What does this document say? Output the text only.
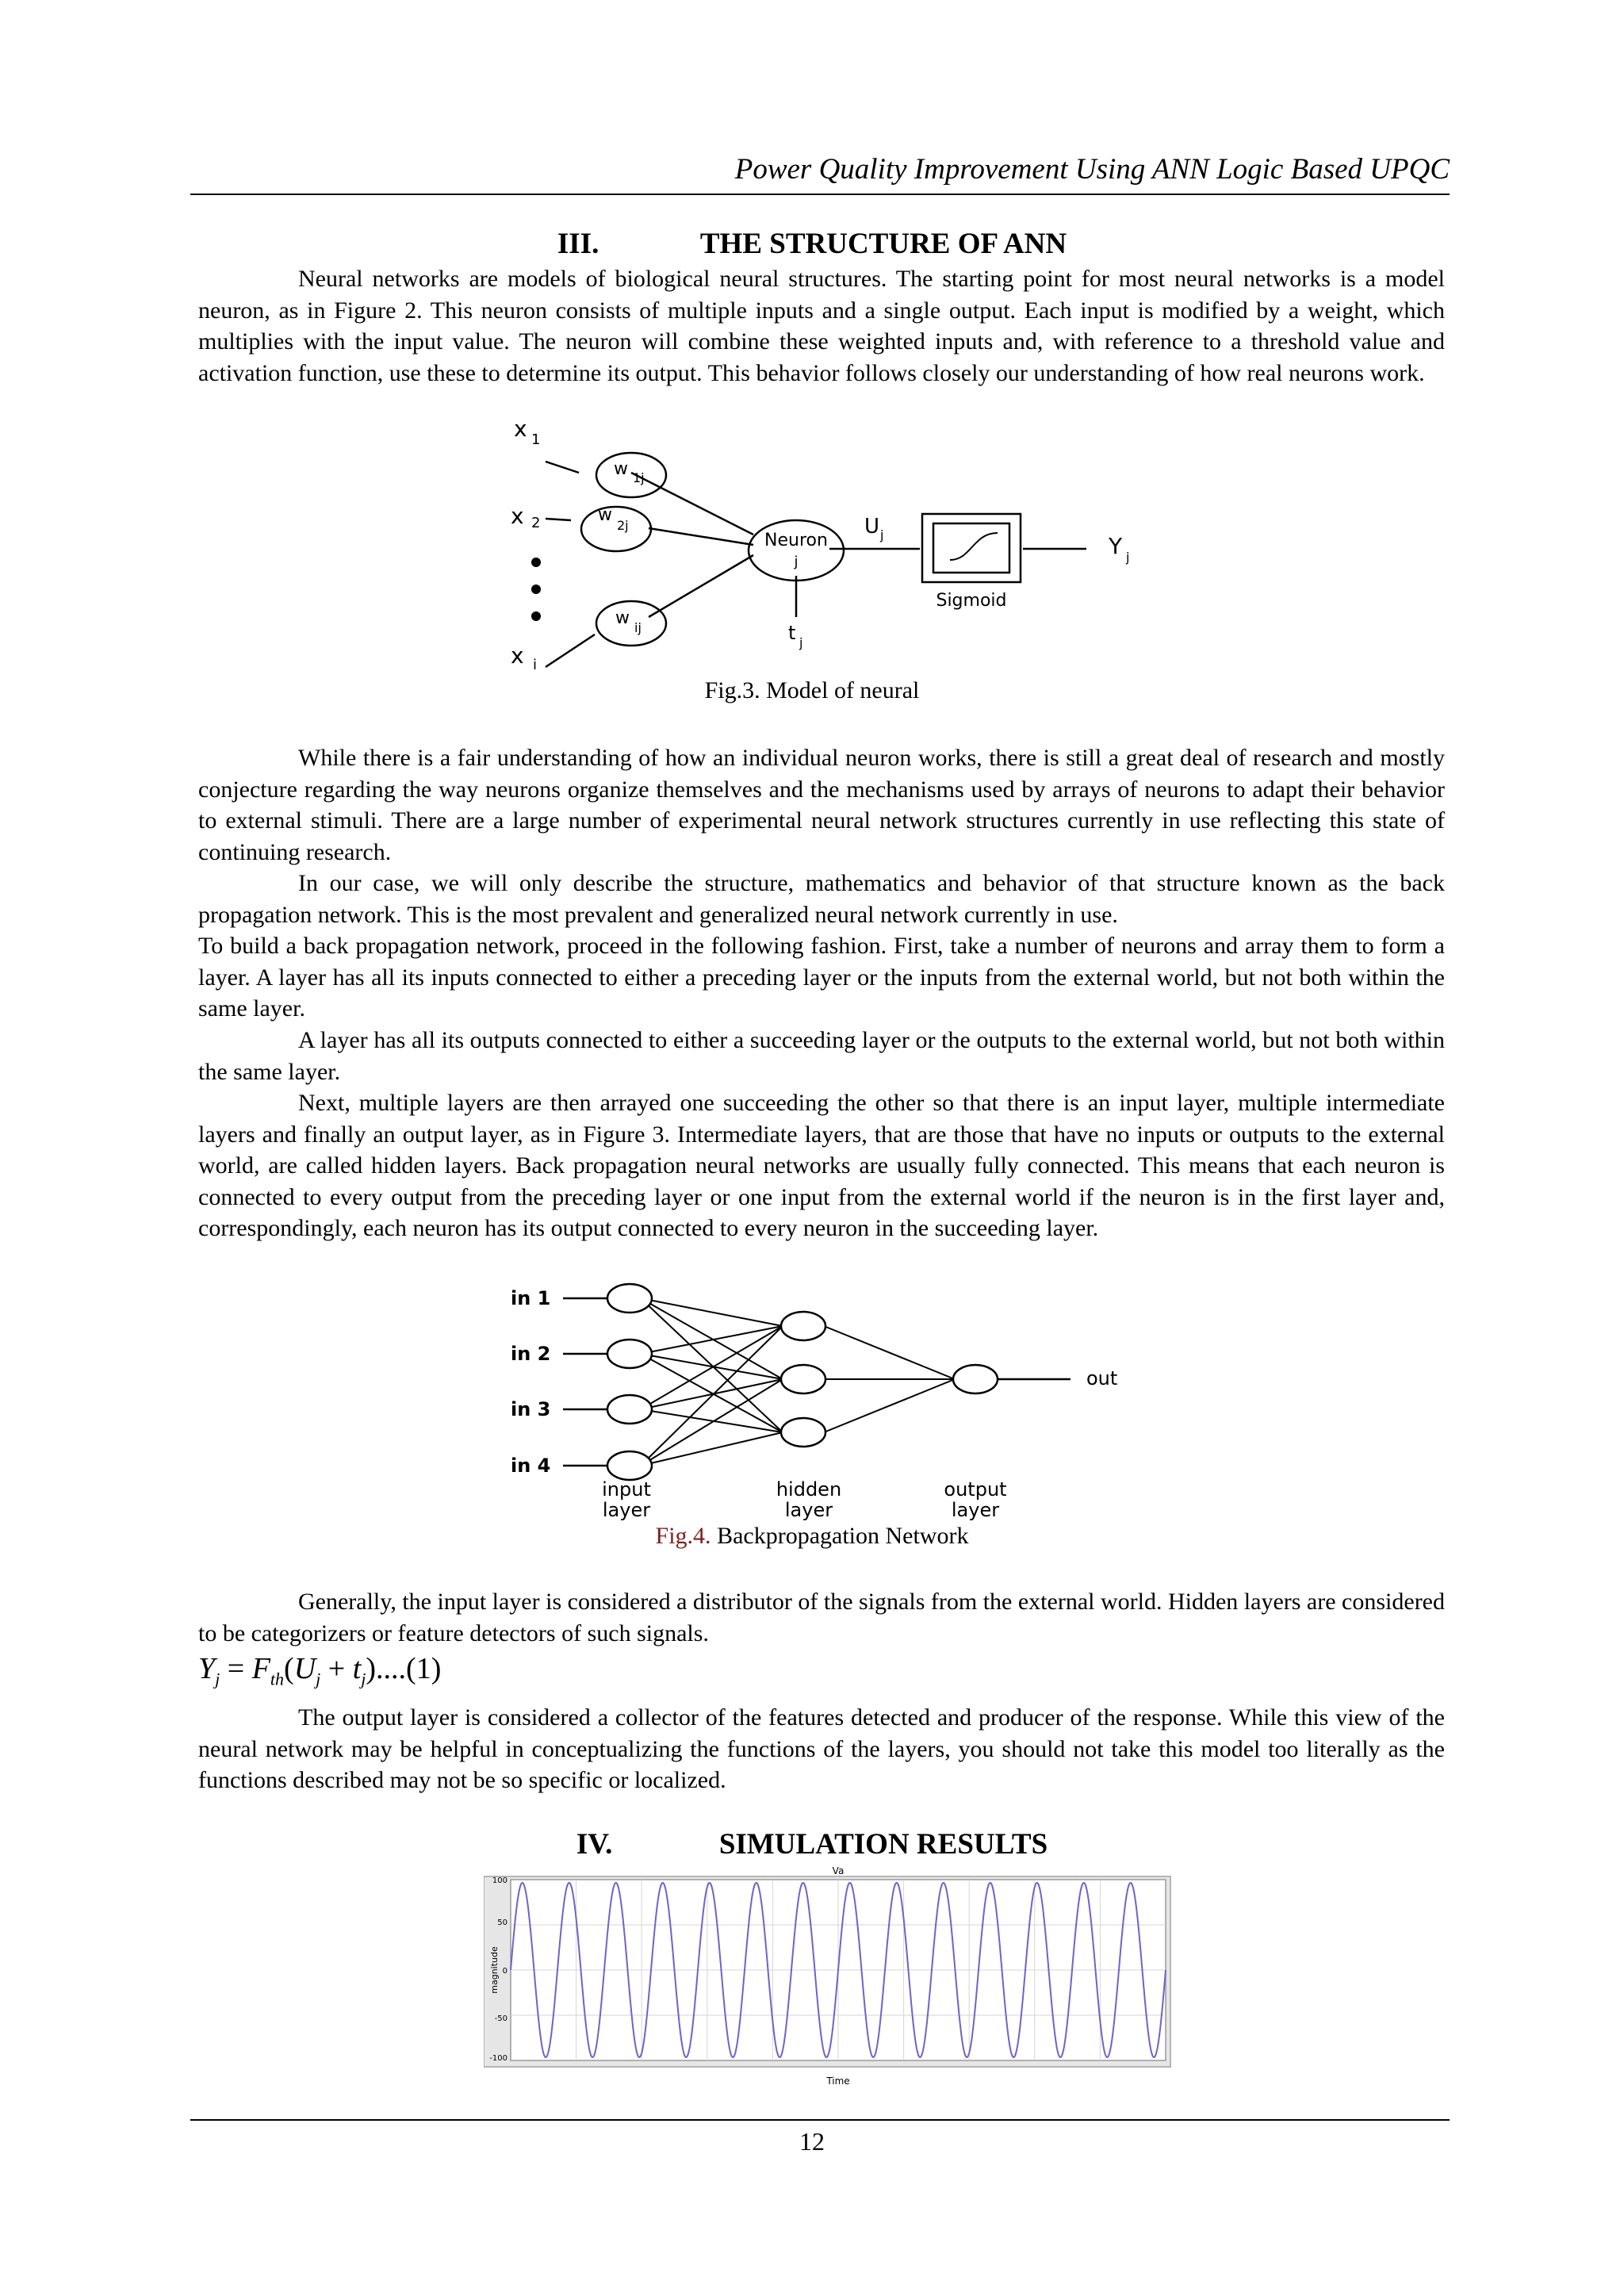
Power Quality Improvement Using ANN Logic Based UPQC
III.	THE STRUCTURE OF ANN

Neural networks are models of biological neural structures. The starting point for most neural networks is a model neuron, as in Figure 2. This neuron consists of multiple inputs and a single output. Each input is modified by a weight, which multiplies with the input value. The neuron will combine these weighted inputs and, with reference to a threshold value and activation function, use these to determine its output. This behavior follows closely our understanding of how real neurons work.

x 1
x 2
x i
w 1j
w
2j
w ij
Neuron
j
U j
t j
Sigmoid
Y j
Fig.3. Model of neural

While there is a fair understanding of how an individual neuron works, there is still a great deal of research and mostly conjecture regarding the way neurons organize themselves and the mechanisms used by arrays of neurons to adapt their behavior to external stimuli. There are a large number of experimental neural network structures currently in use reflecting this state of continuing research.

In our case, we will only describe the structure, mathematics and behavior of that structure known as the back propagation network. This is the most prevalent and generalized neural network currently in use.

To build a back propagation network, proceed in the following fashion. First, take a number of neurons and array them to form a layer. A layer has all its inputs connected to either a preceding layer or the inputs from the external world, but not both within the same layer.

A layer has all its outputs connected to either a succeeding layer or the outputs to the external world, but not both within the same layer.

Next, multiple layers are then arrayed one succeeding the other so that there is an input layer, multiple intermediate layers and finally an output layer, as in Figure 3. Intermediate layers, that are those that have no inputs or outputs to the external world, are called hidden layers. Back propagation neural networks are usually fully connected. This means that each neuron is connected to every output from the preceding layer or one input from the external world if the neuron is in the first layer and, correspondingly, each neuron has its output connected to every neuron in the succeeding layer.

in 1
in 2
in 3
in 4
out
input
layer
hidden
layer
output
layer
Fig.4. Backpropagation Network

Generally, the input layer is considered a distributor of the signals from the external world. Hidden layers are considered to be categorizers or feature detectors of such signals.

$Y_j = F_{th}(U_j + t_j)....(1)$

The output layer is considered a collector of the features detected and producer of the response. While this view of the neural network may be helpful in conceptualizing the functions of the layers, you should not take this model too literally as the functions described may not be so specific or localized.

IV.	SIMULATION RESULTS
Va
Time
magnitude
100
50
0
-50
-100
12
